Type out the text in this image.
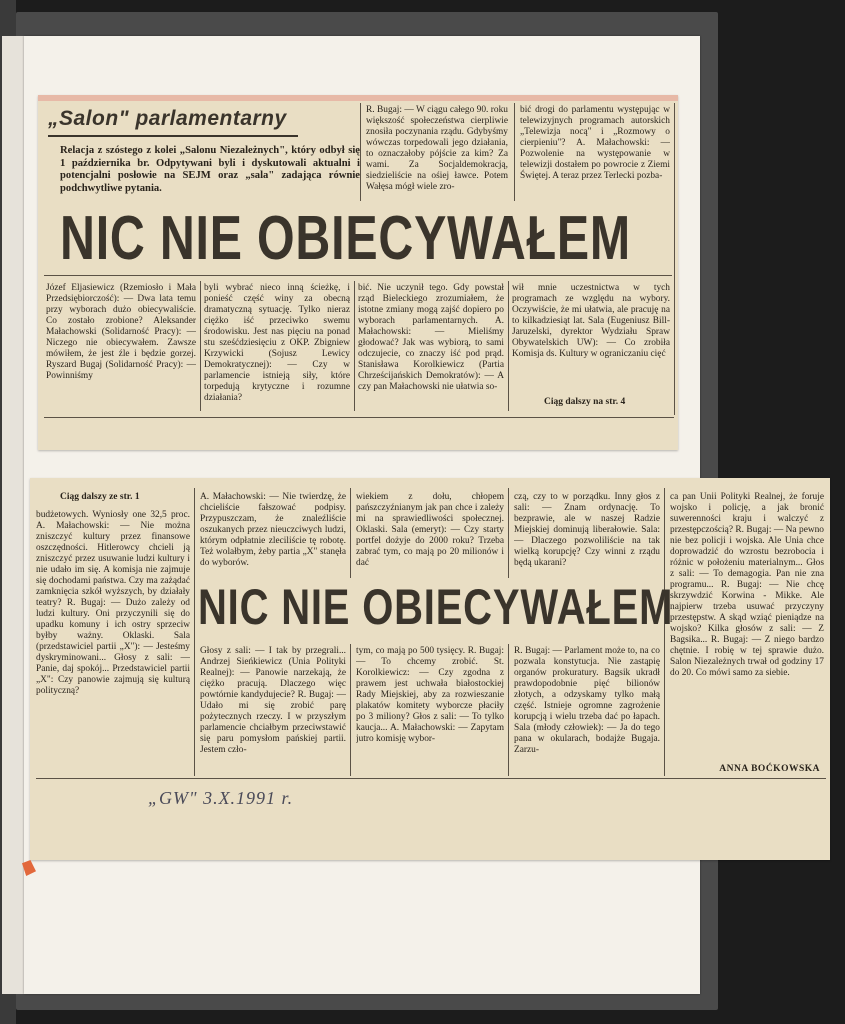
„Salon" parlamentarny
Relacja z szóstego z kolei „Salonu Niezależnych", który odbył się 1 października br. Odpytywani byli i dyskutowali aktualni i potencjalni posłowie na SEJM oraz „sala" zadająca równie podchwytliwe pytania.
R. Bugaj: — W ciągu całego 90. roku większość społeczeństwa cierpliwie znosiła poczynania rządu. Gdybyśmy wówczas torpedowali jego działania, to oznaczałoby pójście za kim? Za wami. Za Socjaldemokracją, siedzieliście na ośiej ławce. Potem Wałęsa mógł wiele zro-
bić drogi do parlamentu występując w telewizyjnych programach autorskich „Telewizja nocą" i „Rozmowy o cierpieniu"? A. Małachowski: — Pozwolenie na występowanie w telewizji dostałem po powrocie z Ziemi Świętej. A teraz przez Terlecki pozba-
NIC NIE OBIECYWAŁEM
Józef Eljasiewicz (Rzemiosło i Mała Przedsiębiorczość): — Dwa lata temu przy wyborach dużo obiecywaliście. Co zostało zrobione? Aleksander Małachowski (Solidarność Pracy): — Niczego nie obiecywałem. Zawsze mówiłem, że jest źle i będzie gorzej. Ryszard Bugaj (Solidarność Pracy): — Powinniśmy
byli wybrać nieco inną ścieżkę, i ponieść część winy za obecną dramatyczną sytuację. Tylko nieraz ciężko iść przeciwko swemu środowisku. Jest nas pięciu na ponad stu sześćdziesięciu z OKP. Zbigniew Krzywicki (Sojusz Lewicy Demokratycznej): — Czy w parlamencie istnieją siły, które torpedują krytyczne i rozumne działania?
bić. Nie uczynił tego. Gdy powstał rząd Bieleckiego zrozumiałem, że istotne zmiany mogą zajść dopiero po wyborach parlamentarnych. A. Małachowski: — Mieliśmy głodować? Jak was wybiorą, to sami odczujecie, co znaczy iść pod prąd. Stanisława Korolkiewicz (Partia Chrześcijańskich Demokratów): — A czy pan Małachowski nie ułatwia so-
wił mnie uczestnictwa w tych programach ze względu na wybory. Oczywiście, że mi ułatwia, ale pracuję na to kilkadziesiąt lat. Sala (Eugeniusz Bill-Jaruzelski, dyrektor Wydziału Spraw Obywatelskich UW): — Co zrobiła Komisja ds. Kultury w ograniczaniu cięć
Ciąg dalszy na str. 4
Ciąg dalszy ze str. 1
budżetowych. Wyniosły one 32,5 proc. A. Małachowski: — Nie można zniszczyć kultury przez finansowe oszczędności. Hitlerowcy chcieli ją zniszczyć przez usuwanie ludzi kultury i nie udało im się. A komisja nie zajmuje się dochodami państwa. Czy ma zażądać zamknięcia szkół wyższych, by działały teatry? R. Bugaj: — Dużo zależy od ludzi kultury. Oni przyczynili się do upadku komuny i ich ostry sprzeciw byłby ważny. Oklaski. Sala (przedstawiciel partii „X"): — Jesteśmy dyskryminowani... Głosy z sali: — Panie, daj spokój... Przedstawiciel partii „X": Czy panowie zajmują się kulturą polityczną?
A. Małachowski: — Nie twierdzę, że chcieliście fałszować podpisy. Przypuszczam, że znaleźliście oszukanych przez nieuczciwych ludzi, którym odpłatnie zleciliście tę robotę. Też wolałbym, żeby partia „X" stanęła do wyborów.
wiekiem z dołu, chłopem pańszczyźnianym jak pan chce i zależy mi na sprawiedliwości społecznej. Oklaski. Sala (emeryt): — Czy starty portfel dożyje do 2000 roku? Trzeba zabrać tym, co mają po 20 milionów i dać
czą, czy to w porządku. Inny głos z sali: — Znam ordynację. To bezprawie, ale w naszej Radzie Miejskiej dominują liberałowie. Sala: — Dlaczego pozwoliliście na tak wielką korupcję? Czy winni z rządu będą ukarani?
NIC NIE OBIECYWAŁEM
Głosy z sali: — I tak by przegrali... Andrzej Sieńkiewicz (Unia Polityki Realnej): — Panowie narzekają, że ciężko pracują. Dlaczego więc powtórnie kandydujecie? R. Bugaj: — Udało mi się zrobić parę pożytecznych rzeczy. I w przyszłym parlamencie chciałbym przeciwstawić się paru pomysłom pańskiej partii. Jestem czło-
tym, co mają po 500 tysięcy. R. Bugaj: — To chcemy zrobić. St. Korolkiewicz: — Czy zgodna z prawem jest uchwała białostockiej Rady Miejskiej, aby za rozwieszanie plakatów komitety wyborcze płaciły po 3 miliony? Głos z sali: — To tylko kaucja... A. Małachowski: — Zapytam jutro komisję wybor-
R. Bugaj: — Parlament może to, na co pozwala konstytucja. Nie zastąpię organów prokuratury. Bagsik ukradł prawdopodobnie pięć bilionów złotych, a odzyskamy tylko małą część. Istnieje ogromne zagrożenie korupcją i wielu trzeba dać po łapach. Sala (młody człowiek): — Ja do tego pana w okularach, bodajże Bugaja. Zarzu-
ca pan Unii Polityki Realnej, że foruje wojsko i policję, a jak bronić suwerenności kraju i walczyć z przestępczością? R. Bugaj: — Na pewno nie bez policji i wojska. Ale Unia chce doprowadzić do wzrostu bezrobocia i różnic w położeniu materialnym... Głos z sali: — To demagogia. Pan nie zna programu... R. Bugaj: — Nie chcę skrzywdzić Korwina - Mikke. Ale najpierw trzeba usuwać przyczyny przestępstw. A skąd wziąć pieniądze na wojsko? Kilka głosów z sali: — Z Bagsika... R. Bugaj: — Z niego bardzo chętnie. I robię w tej sprawie dużo. Salon Niezależnych trwał od godziny 17 do 20. Co mówi samo za siebie.
ANNA BOĆKOWSKA
„GW" 3.X.1991 r.
